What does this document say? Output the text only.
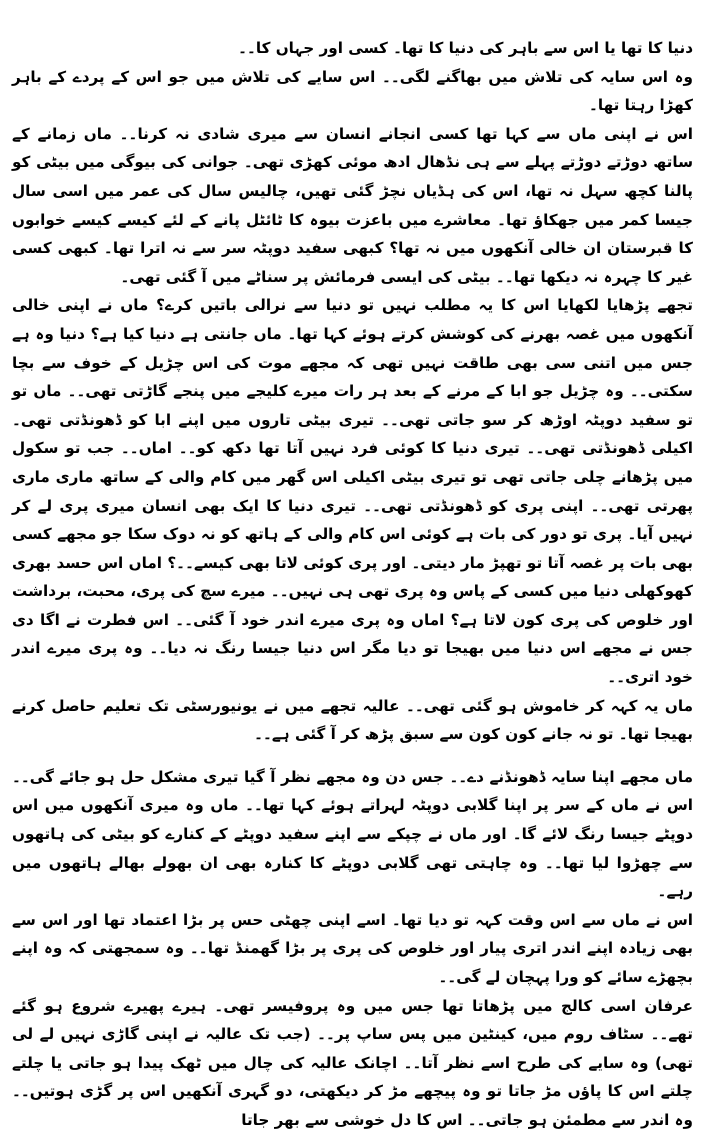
دنیا کا تھا یا اس سے باہر کی دنیا کا تھا۔ کسی اور جہاں کا۔۔

وہ اس سایہ کی تلاش میں بھاگنے لگی۔۔ اس سایے کی تلاش میں جو اس کے پردے کے باہر کھڑا رہتا تھا۔

اس نے اپنی ماں سے کہا تھا کسی انجانے انسان سے میری شادی نہ کرنا۔۔ ماں زمانے کے ساتھ دوڑتے دوڑتے پہلے سے ہی نڈھال ادھ موئی کھڑی تھی۔ جوانی کی بیوگی میں بیٹی کو پالنا کچھ سہل نہ تھا، اس کی ہڈیاں نچڑ گئی تھیں، چالیس سال کی عمر میں اسی سال جیسا کمر میں جھکاؤ تھا۔ معاشرے میں باعزت بیوہ کا ٹائٹل پانے کے لئے کیسے کیسے خوابوں کا قبرستان ان خالی آنکھوں میں نہ تھا؟ کبھی سفید دوپٹہ سر سے نہ اترا تھا۔ کبھی کسی غیر کا چہرہ نہ دیکھا تھا۔۔ بیٹی کی ایسی فرمائش پر سناٹے میں آ گئی تھی۔

تجھے پڑھایا لکھایا اس کا یہ مطلب نہیں تو دنیا سے نرالی باتیں کرے؟ ماں نے اپنی خالی آنکھوں میں غصہ بھرنے کی کوشش کرتے ہوئے کہا تھا۔ ماں جانتی ہے دنیا کیا ہے؟ دنیا وہ ہے جس میں اتنی سی بھی طاقت نہیں تھی کہ مجھے موت کی اس چڑیل کے خوف سے بچا سکتی۔۔ وہ چڑیل جو ابا کے مرنے کے بعد ہر رات میرے کلیجے میں پنجے گاڑتی تھی۔۔ ماں تو تو سفید دوپٹہ اوڑھ کر سو جاتی تھی۔۔ تیری بیٹی تاروں میں اپنے ابا کو ڈھونڈتی تھی۔ اکیلی ڈھونڈتی تھی۔۔ تیری دنیا کا کوئی فرد نہیں آتا تھا دکھ کو۔۔ اماں۔۔ جب تو سکول میں پڑھانے چلی جاتی تھی تو تیری بیٹی اکیلی اس گھر میں کام والی کے ساتھ ماری ماری پھرتی تھی۔۔ اپنی پری کو ڈھونڈتی تھی۔۔ تیری دنیا کا ایک بھی انسان میری پری لے کر نہیں آیا۔ پری تو دور کی بات ہے کوئی اس کام والی کے ہاتھ کو نہ دوک سکا جو مجھے کسی بھی بات پر غصہ آتا تو تھپڑ مار دیتی۔ اور پری کوئی لاتا بھی کیسے۔۔؟ اماں اس حسد بھری کھوکھلی دنیا میں کسی کے پاس وہ پری تھی ہی نہیں۔۔ میرے سچ کی پری، محبت، برداشت اور خلوص کی پری کون لاتا ہے؟ اماں وہ پری میرے اندر خود آ گئی۔۔ اس فطرت نے اگا دی جس نے مجھے اس دنیا میں بھیجا تو دیا مگر اس دنیا جیسا رنگ نہ دیا۔۔ وہ پری میرے اندر خود اتری۔۔

ماں یہ کہہ کر خاموش ہو گئی تھی۔۔ عالیہ تجھے میں نے یونیورسٹی تک تعلیم حاصل کرنے بھیجا تھا۔ تو نہ جانے کون کون سے سبق پڑھ کر آ گئی ہے۔۔

ماں مجھے اپنا سایہ ڈھونڈنے دے۔۔ جس دن وہ مجھے نظر آ گیا تیری مشکل حل ہو جائے گی۔۔ اس نے ماں کے سر پر اپنا گلابی دوپٹہ لہراتے ہوئے کہا تھا۔۔ ماں وہ میری آنکھوں میں اس دوپٹے جیسا رنگ لائے گا۔ اور ماں نے چپکے سے اپنے سفید دوپٹے کے کنارے کو بیٹی کی ہاتھوں سے چھڑوا لیا تھا۔۔ وہ چاہتی تھی گلابی دوپٹے کا کنارہ بھی ان بھولے بھالے ہاتھوں میں رہے۔

اس نے ماں سے اس وقت کہہ تو دیا تھا۔ اسے اپنی چھٹی حس پر بڑا اعتماد تھا اور اس سے بھی زیادہ اپنے اندر اتری پیار اور خلوص کی پری پر بڑا گھمنڈ تھا۔۔ وہ سمجھتی کہ وہ اپنے بچھڑے سائے کو ورا پہچان لے گی۔۔

عرفان اسی کالج میں پڑھاتا تھا جس میں وہ پروفیسر تھی۔ ہیرے پھیرے شروع ہو گئے تھے۔۔ سٹاف روم میں، کینٹین میں پس ساپ پر۔۔ (جب تک عالیہ نے اپنی گاڑی نہیں لے لی تھی) وہ سایے کی طرح اسے نظر آتا۔۔ اچانک عالیہ کی چال میں ٹھک پیدا ہو جاتی یا چلتے چلتے اس کا پاؤں مڑ جاتا تو وہ پیچھے مڑ کر دیکھتی، دو گہری آنکھیں اس پر گڑی ہوتیں۔۔ وہ اندر سے مطمئن ہو جاتی۔۔ اس کا دل خوشی سے بھر جاتا
